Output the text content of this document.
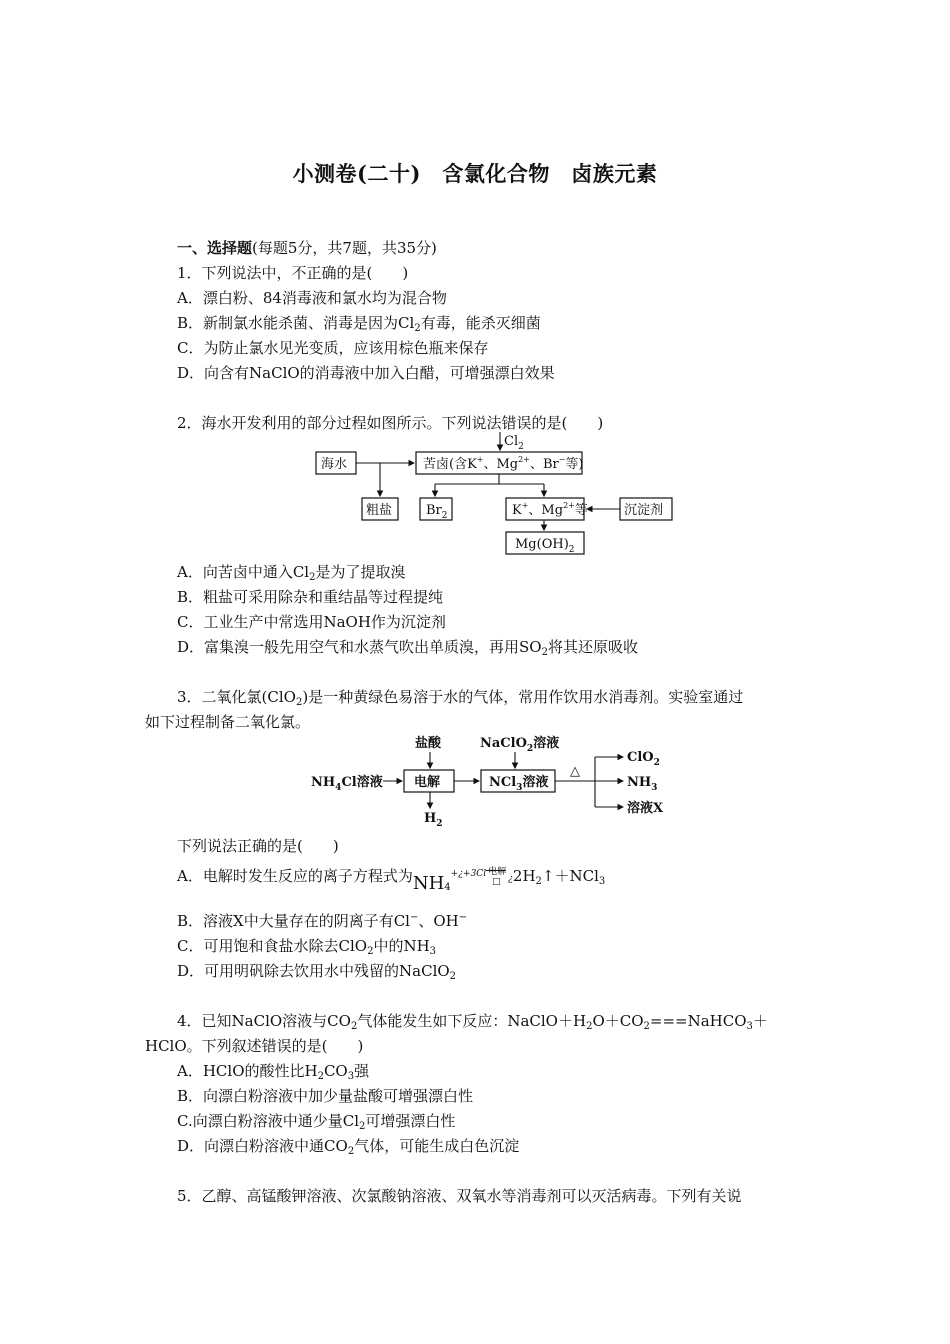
小测卷(二十)　含氯化合物　卤族元素
一、选择题(每题5分，共7题，共35分)
1．下列说法中，不正确的是(　　)
A．漂白粉、84消毒液和氯水均为混合物
B．新制氯水能杀菌、消毒是因为$Cl_2$有毒，能杀灭细菌
C．为防止氯水见光变质，应该用棕色瓶来保存
D．向含有NaClO的消毒液中加入白醋，可增强漂白效果
2．海水开发利用的部分过程如图所示。下列说法错误的是(　　)
$Cl_2$
海水	苦卤(含K+、$Mg^{2+}$、Br−等)
粗盐	$Br_2$	K+、$Mg^{2+}$等	沉淀剂
$Mg(OH)_2$
A．向苦卤中通入$Cl_2$是为了提取溴
B．粗盐可采用除杂和重结晶等过程提纯
C．工业生产中常选用NaOH作为沉淀剂
D．富集溴一般先用空气和水蒸气吹出单质溴，再用$SO_2$将其还原吸收
3．二氧化氯(ClO$_2$)是一种黄绿色易溶于水的气体，常用作饮用水消毒剂。实验室通过
如下过程制备二氧化氯。
盐酸	NaClO$_2$溶液
$NH_4Cl$溶液 电解
$H_2$
NCl$_3$溶液
△
ClO$_2$
$NH_3$
溶液X
下列说法正确的是(　　)
A．电解时发生反应的离子方程式为$NH_4^{+¿+3Cl}$ 电解
□ ¿$2H_2↑+NCl_3$
B．溶液X中大量存在的阴离子有Cl−、OH−
C．可用饱和食盐水除去ClO$_2$中的$NH_3$
D．可用明矾除去饮用水中残留的NaClO$_2$
4．已知NaClO溶液与$CO_2$气体能发生如下反应：$NaClO+H_2O+CO_2===NaHCO_3+$
HClO。下列叙述错误的是(　　)
A．HClO的酸性比$H_2CO_3$强
B．向漂白粉溶液中加少量盐酸可增强漂白性
C.向漂白粉溶液中通少量$Cl_2$可增强漂白性
D．向漂白粉溶液中通$CO_2$气体，可能生成白色沉淀
5．乙醇、高锰酸钾溶液、次氯酸钠溶液、双氧水等消毒剂可以灭活病毒。下列有关说
